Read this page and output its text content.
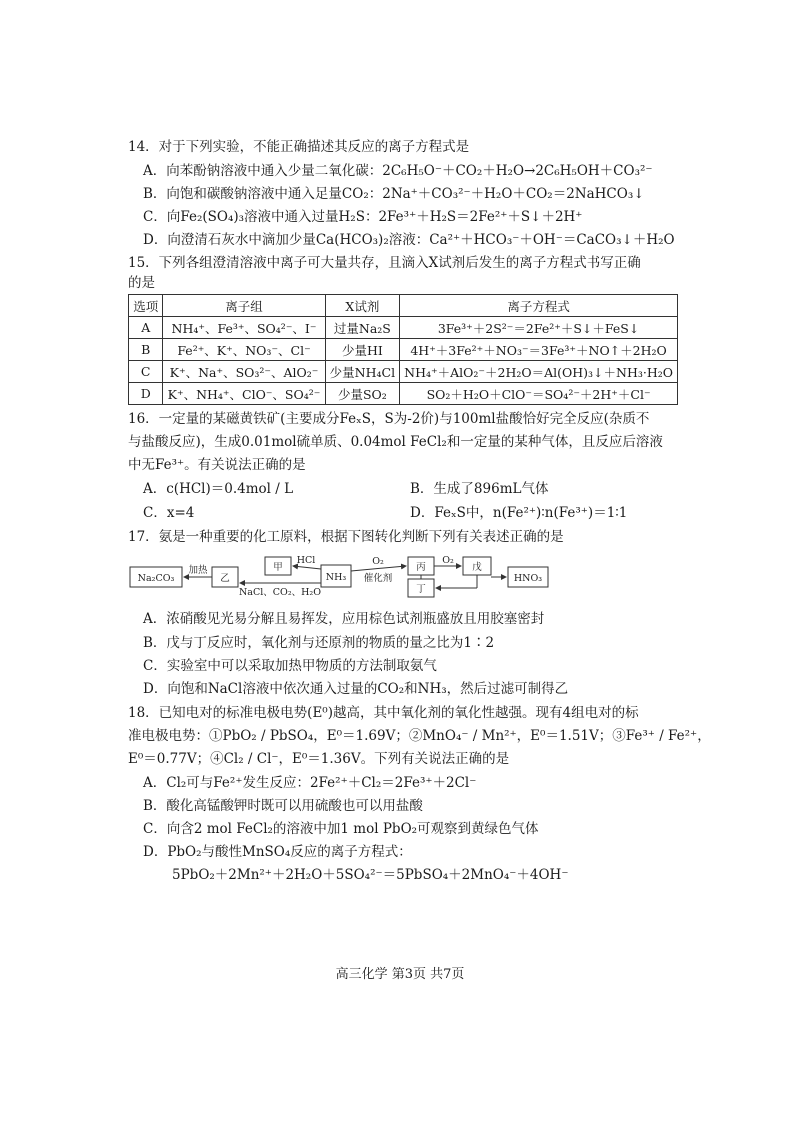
14．对于下列实验，不能正确描述其反应的离子方程式是
A．向苯酚钠溶液中通入少量二氧化碳：2C₆H₅O⁻＋CO₂＋H₂O→2C₆H₅OH＋CO₃²⁻
B．向饱和碳酸钠溶液中通入足量CO₂：2Na⁺＋CO₃²⁻＋H₂O＋CO₂＝2NaHCO₃↓
C．向Fe₂(SO₄)₃溶液中通入过量H₂S：2Fe³⁺＋H₂S＝2Fe²⁺＋S↓＋2H⁺
D．向澄清石灰水中滴加少量Ca(HCO₃)₂溶液：Ca²⁺＋HCO₃⁻＋OH⁻＝CaCO₃↓＋H₂O
15．下列各组澄清溶液中离子可大量共存，且滴入X试剂后发生的离子方程式书写正确
的是
选项	离子组	X试剂	离子方程式
A	NH₄⁺、Fe³⁺、SO₄²⁻、I⁻	过量Na₂S	3Fe³⁺＋2S²⁻＝2Fe²⁺＋S↓＋FeS↓
B	Fe²⁺、K⁺、NO₃⁻、Cl⁻	少量HI	4H⁺＋3Fe²⁺＋NO₃⁻＝3Fe³⁺＋NO↑＋2H₂O
C	K⁺、Na⁺、SO₃²⁻、AlO₂⁻	少量NH₄Cl	NH₄⁺＋AlO₂⁻＋2H₂O＝Al(OH)₃↓＋NH₃·H₂O
D	K⁺、NH₄⁺、ClO⁻、SO₄²⁻	少量SO₂	SO₂＋H₂O＋ClO⁻＝SO₄²⁻＋2H⁺＋Cl⁻
16．一定量的某磁黄铁矿(主要成分FeₓS，S为-2价)与100ml盐酸恰好完全反应(杂质不
与盐酸反应)，生成0.01mol硫单质、0.04mol FeCl₂和一定量的某种气体，且反应后溶液
中无Fe³⁺。有关说法正确的是
A．c(HCl)＝0.4mol / L	B．生成了896mL气体
C．x=4	D．FeₓS中，n(Fe²⁺)∶n(Fe³⁺)＝1∶1
17．氨是一种重要的化工原料，根据下图转化判断下列有关表述正确的是
Na₂CO₃
加热
乙
甲
HCl
NaCl、CO₂、H₂O
NH₃
O₂
催化剂
丙
丁
O₂
戊
HNO₃
A．浓硝酸见光易分解且易挥发，应用棕色试剂瓶盛放且用胶塞密封
B．戊与丁反应时，氧化剂与还原剂的物质的量之比为1∶2
C．实验室中可以采取加热甲物质的方法制取氨气
D．向饱和NaCl溶液中依次通入过量的CO₂和NH₃，然后过滤可制得乙
18．已知电对的标准电极电势(E⁰)越高，其中氧化剂的氧化性越强。现有4组电对的标
准电极电势：①PbO₂ / PbSO₄，E⁰＝1.69V；②MnO₄⁻ / Mn²⁺，E⁰＝1.51V；③Fe³⁺ / Fe²⁺，
E⁰＝0.77V；④Cl₂ / Cl⁻，E⁰＝1.36V。下列有关说法正确的是
A．Cl₂可与Fe²⁺发生反应：2Fe²⁺＋Cl₂＝2Fe³⁺＋2Cl⁻
B．酸化高锰酸钾时既可以用硫酸也可以用盐酸
C．向含2 mol FeCl₂的溶液中加1 mol PbO₂可观察到黄绿色气体
D．PbO₂与酸性MnSO₄反应的离子方程式：
5PbO₂＋2Mn²⁺＋2H₂O＋5SO₄²⁻＝5PbSO₄＋2MnO₄⁻＋4OH⁻
高三化学 第3页 共7页
